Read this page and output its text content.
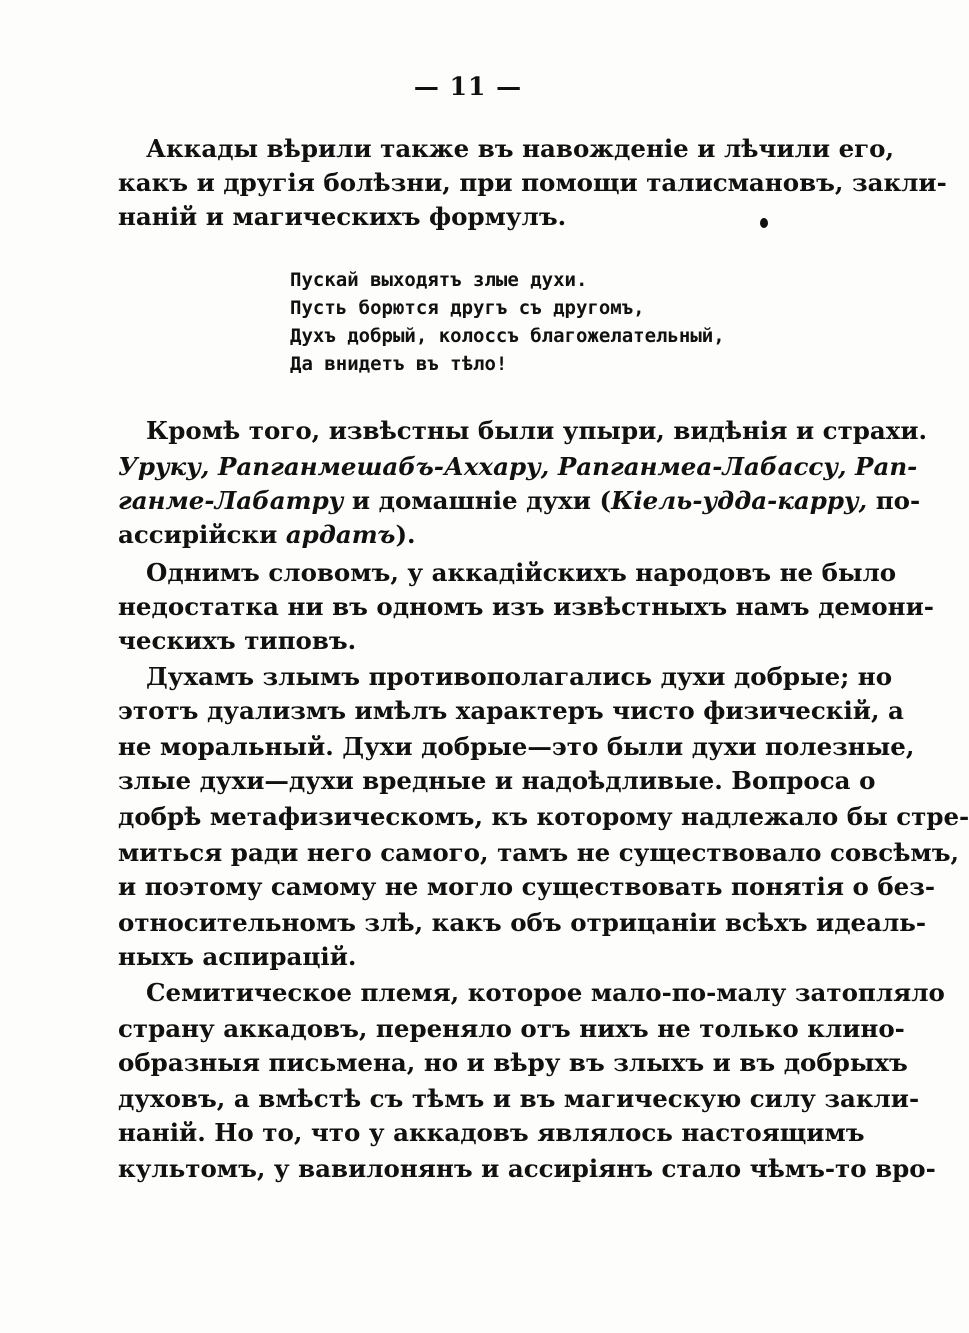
— 11 —
Аккады вѣрили также въ навожденіе и лѣчили его,
какъ и другія болѣзни, при помощи талисмановъ, закли-
наній и магическихъ формулъ.
Пускай выходятъ злые духи.
Пусть борются другъ съ другомъ,
Духъ добрый, колоссъ благожелательный,
Да внидетъ въ тѣло!
Кромѣ того, извѣстны были упыри, видѣнія и страхи.
Уруку, Рапганмешабъ-Аххару, Рапганмеа-Лабассу, Рап-
ганме-Лабатру и домашніе духи (Кіель-удда-карру, по-
ассирійски ардатъ).
Однимъ словомъ, у аккадійскихъ народовъ не было
недостатка ни въ одномъ изъ извѣстныхъ намъ демони-
ческихъ типовъ.
Духамъ злымъ противополагались духи добрые; но
этотъ дуализмъ имѣлъ характеръ чисто физическій, а
не моральный. Духи добрые—это были духи полезные,
злые духи—духи вредные и надоѣдливые. Вопроса о
добрѣ метафизическомъ, къ которому надлежало бы стре-
миться ради него самого, тамъ не существовало совсѣмъ,
и поэтому самому не могло существовать понятія о без-
относительномъ злѣ, какъ объ отрицаніи всѣхъ идеаль-
ныхъ аспирацій.
Семитическое племя, которое мало-по-малу затопляло
страну аккадовъ, переняло отъ нихъ не только клино-
образныя письмена, но и вѣру въ злыхъ и въ добрыхъ
духовъ, а вмѣстѣ съ тѣмъ и въ магическую силу закли-
наній. Но то, что у аккадовъ являлось настоящимъ
культомъ, у вавилонянъ и ассиріянъ стало чѣмъ-то вро-
